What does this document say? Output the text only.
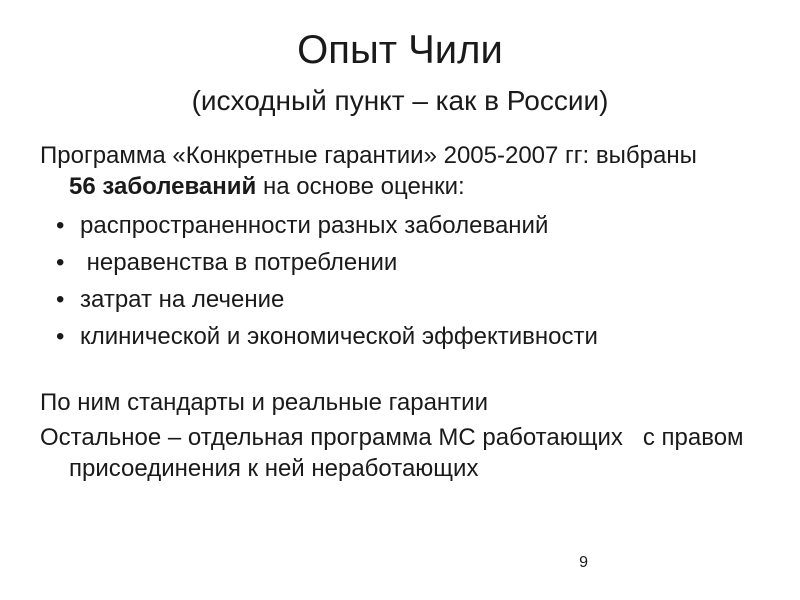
Опыт Чили
(исходный пункт – как в России)

Программа «Конкретные гарантии» 2005-2007 гг: выбраны 56 заболеваний на основе оценки:

• распространенности разных заболеваний
• неравенства в потреблении
• затрат на лечение
• клинической и экономической эффективности

По ним стандарты и реальные гарантии

Остальное – отдельная программа МС работающих   с правом присоединения к ней неработающих

9
